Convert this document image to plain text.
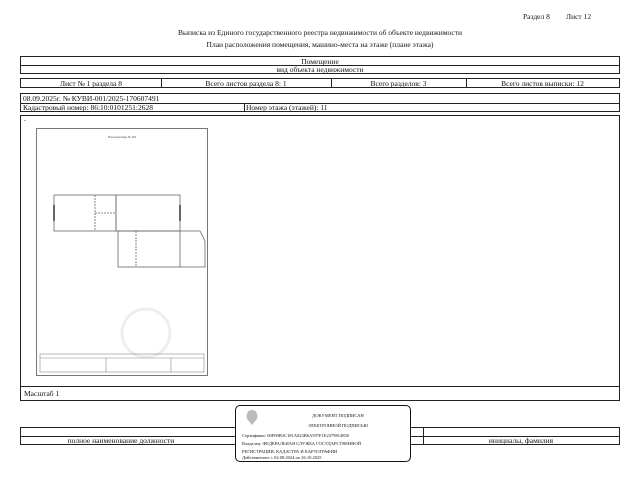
Раздел 8 Лист 12
Выписка из Единого государственного реестра недвижимости об объекте недвижимости
План расположения помещения, машино-места на этаже (плане этажа)
Помещение
вид объекта недвижимости
Лист № 1 раздела 8	Всего листов раздела 8: 1	Всего разделов: 3	Всего листов выписки: 12
08.09.2025г. № КУВИ-001/2025-170607491
Кадастровый номер: 86:10:0101251:2628	Номер этажа (этажей): 11
-
Масштаб 1
План квартиры № 405
полное наименование должности	инициалы, фамилия
ДОКУМЕНТ ПОДПИСАН
ЭЛЕКТРОННОЙ ПОДПИСЬЮ
Сертификат: 00F00B3C181A023B6A597F1E2379814850
Владелец: ФЕДЕРАЛЬНАЯ СЛУЖБА ГОСУДАРСТВЕННОЙ
РЕГИСТРАЦИИ, КАДАСТРА И КАРТОГРАФИИ
Действителен: с 02.08.2024 по 26.10.2025
